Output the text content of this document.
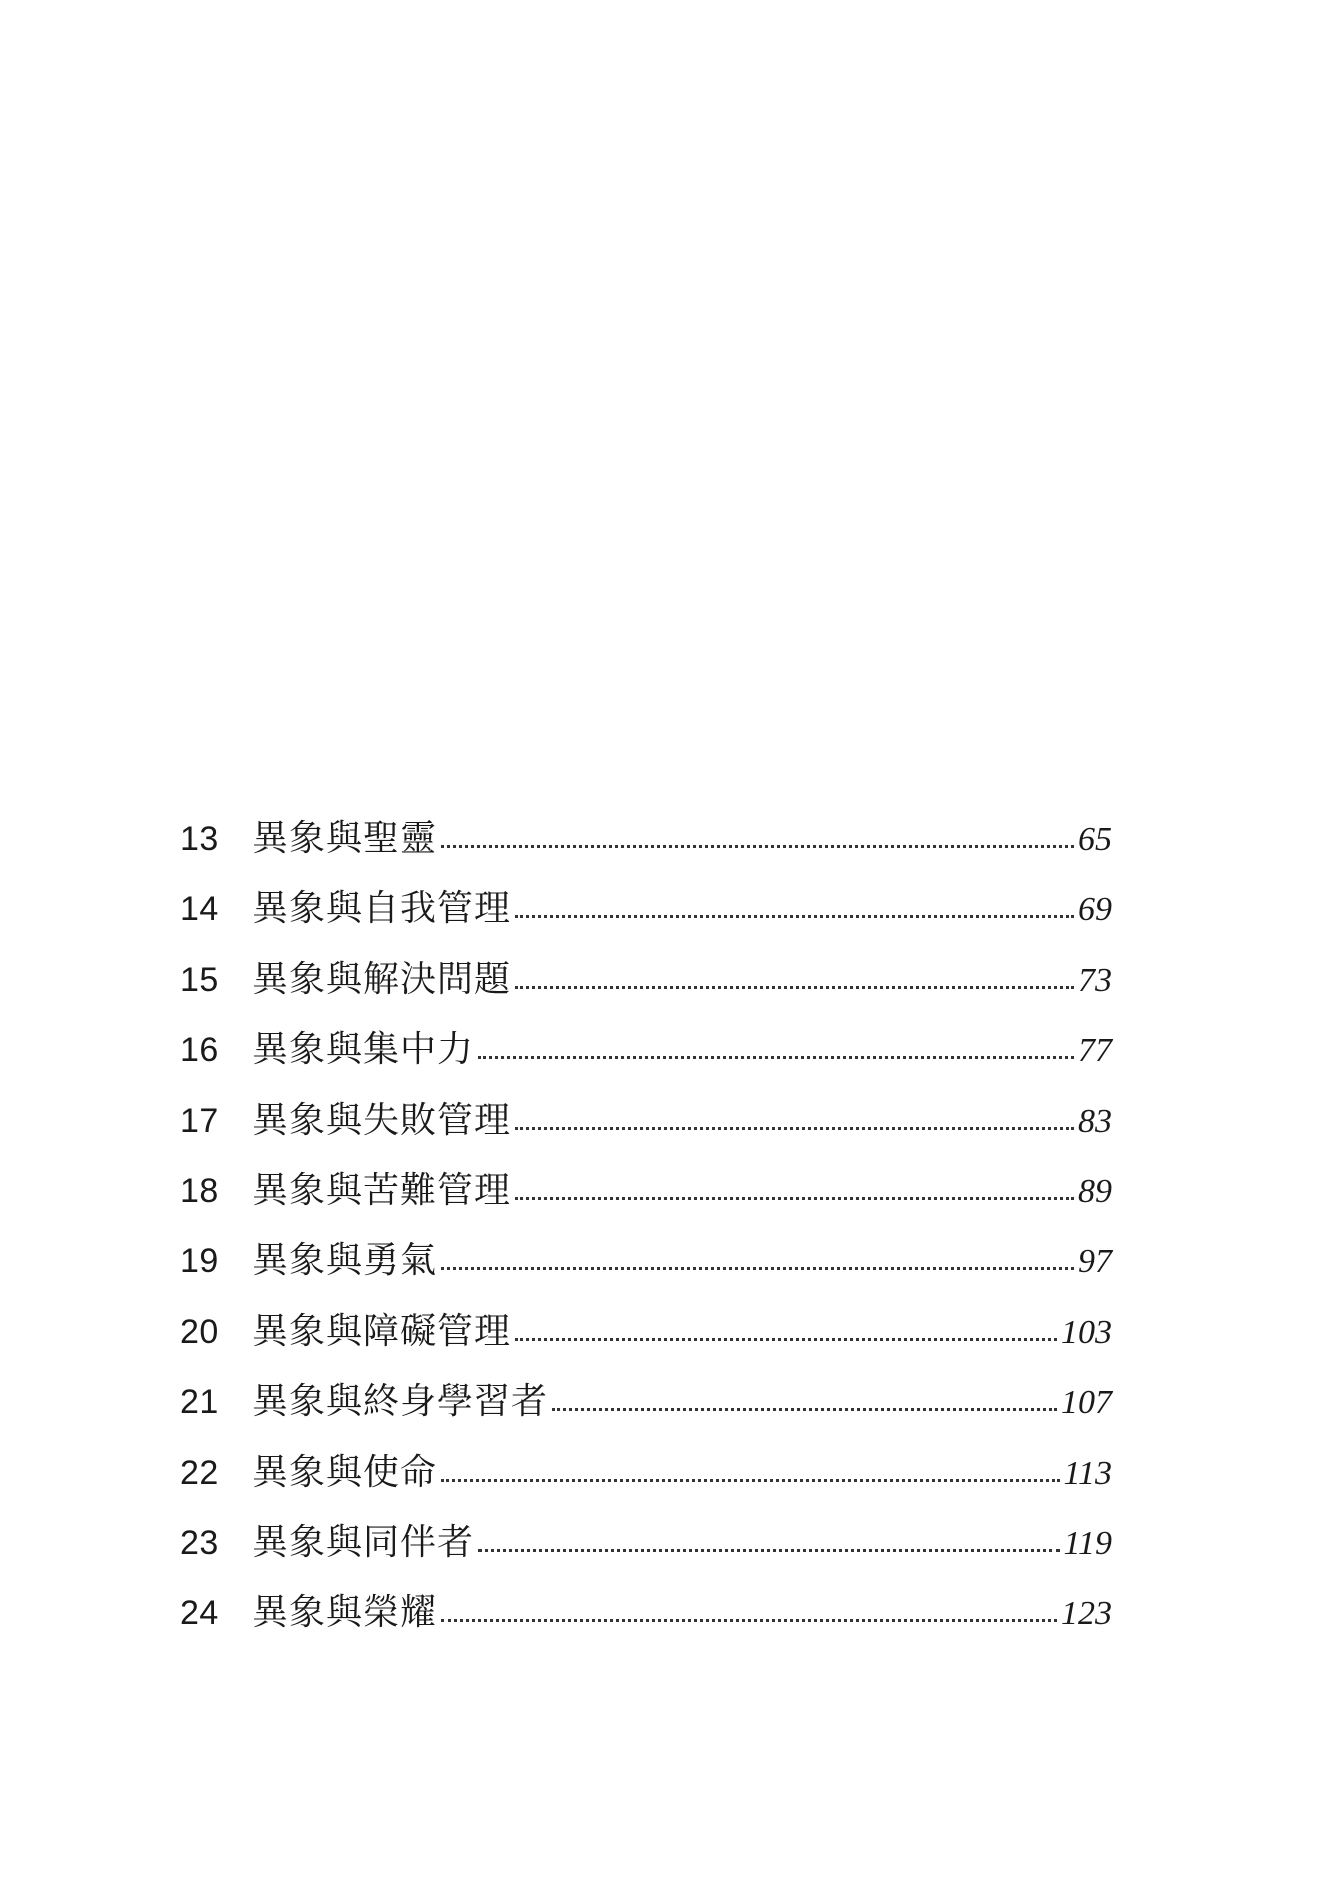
13 異象與聖靈	65
14 異象與自我管理	69
15 異象與解決問題	73
16 異象與集中力	77
17 異象與失敗管理	83
18 異象與苦難管理	89
19 異象與勇氣	97
20 異象與障礙管理	103
21 異象與終身學習者	107
22 異象與使命	113
23 異象與同伴者	119
24 異象與榮耀	123
